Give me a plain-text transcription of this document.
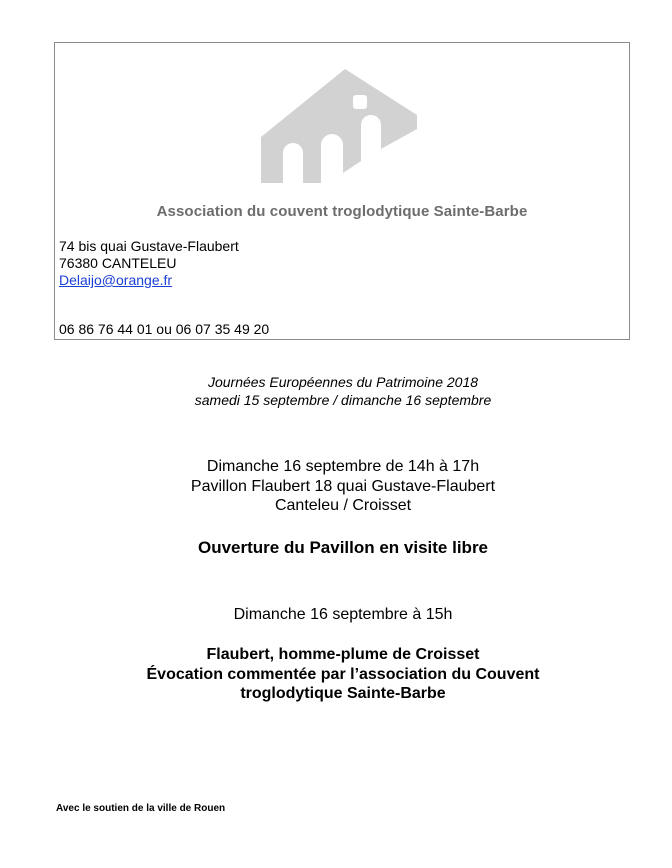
Association du couvent troglodytique Sainte-Barbe
74 bis quai Gustave-Flaubert
76380 CANTELEU
Delaijo@orange.fr
06 86 76 44 01 ou 06 07 35 49 20
Journées Européennes du Patrimoine 2018
samedi 15 septembre / dimanche 16 septembre
Dimanche 16 septembre de 14h à 17h
Pavillon Flaubert 18 quai Gustave-Flaubert
Canteleu / Croisset
Ouverture du Pavillon en visite libre
Dimanche 16 septembre à 15h
Flaubert, homme-plume de Croisset
Évocation commentée par l’association du Couvent
troglodytique Sainte-Barbe
Avec le soutien de la ville de Rouen
